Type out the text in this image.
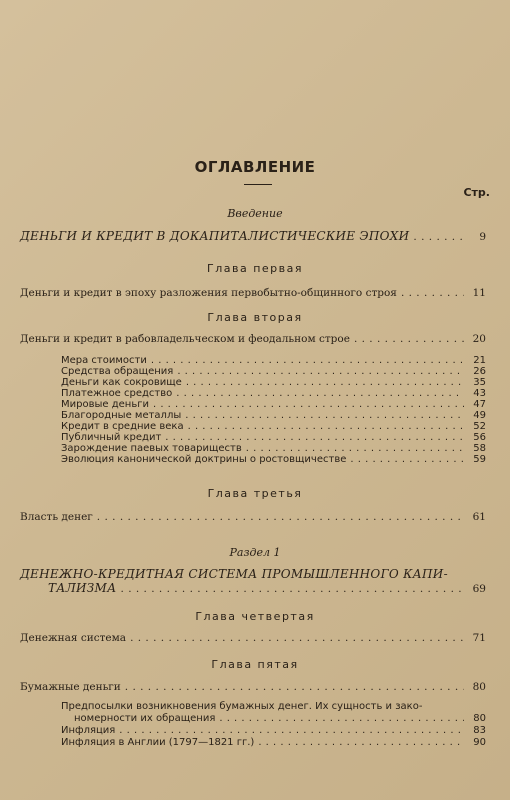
ОГЛАВЛЕНИЕ
Стр.
Введение
ДЕНЬГИ И КРЕДИТ В ДОКАПИТАЛИСТИЧЕСКИЕ ЭПОХИ . . .	9
Глава первая
Деньги и кредит в эпоху разложения первобытно-общинного строя . . .	11
Глава вторая
Деньги и кредит в рабовладельческом и феодальном строе . . .	20
Мера стоимости . . .	21
Средства обращения . . .	26
Деньги как сокровище . . .	35
Платежное средство . . .	43
Мировые деньги . . .	47
Благородные металлы . . .	49
Кредит в средние века . . .	52
Публичный кредит . . .	56
Зарождение паевых товариществ . . .	58
Эволюция канонической доктрины о ростовщичестве . . .	59
Глава третья
Власть денег . . .	61
Раздел 1
ДЕНЕЖНО-КРЕДИТНАЯ СИСТЕМА ПРОМЫШЛЕННОГО КАПИ-
ТАЛИЗМА . . .	69
Глава четвертая
Денежная система . . .	71
Глава пятая
Бумажные деньги . . .	80
Предпосылки возникновения бумажных денег. Их сущность и зако-
номерности их обращения . . .	80
Инфляция . . .	83
Инфляция в Англии (1797—1821 гг.) . . .	90
